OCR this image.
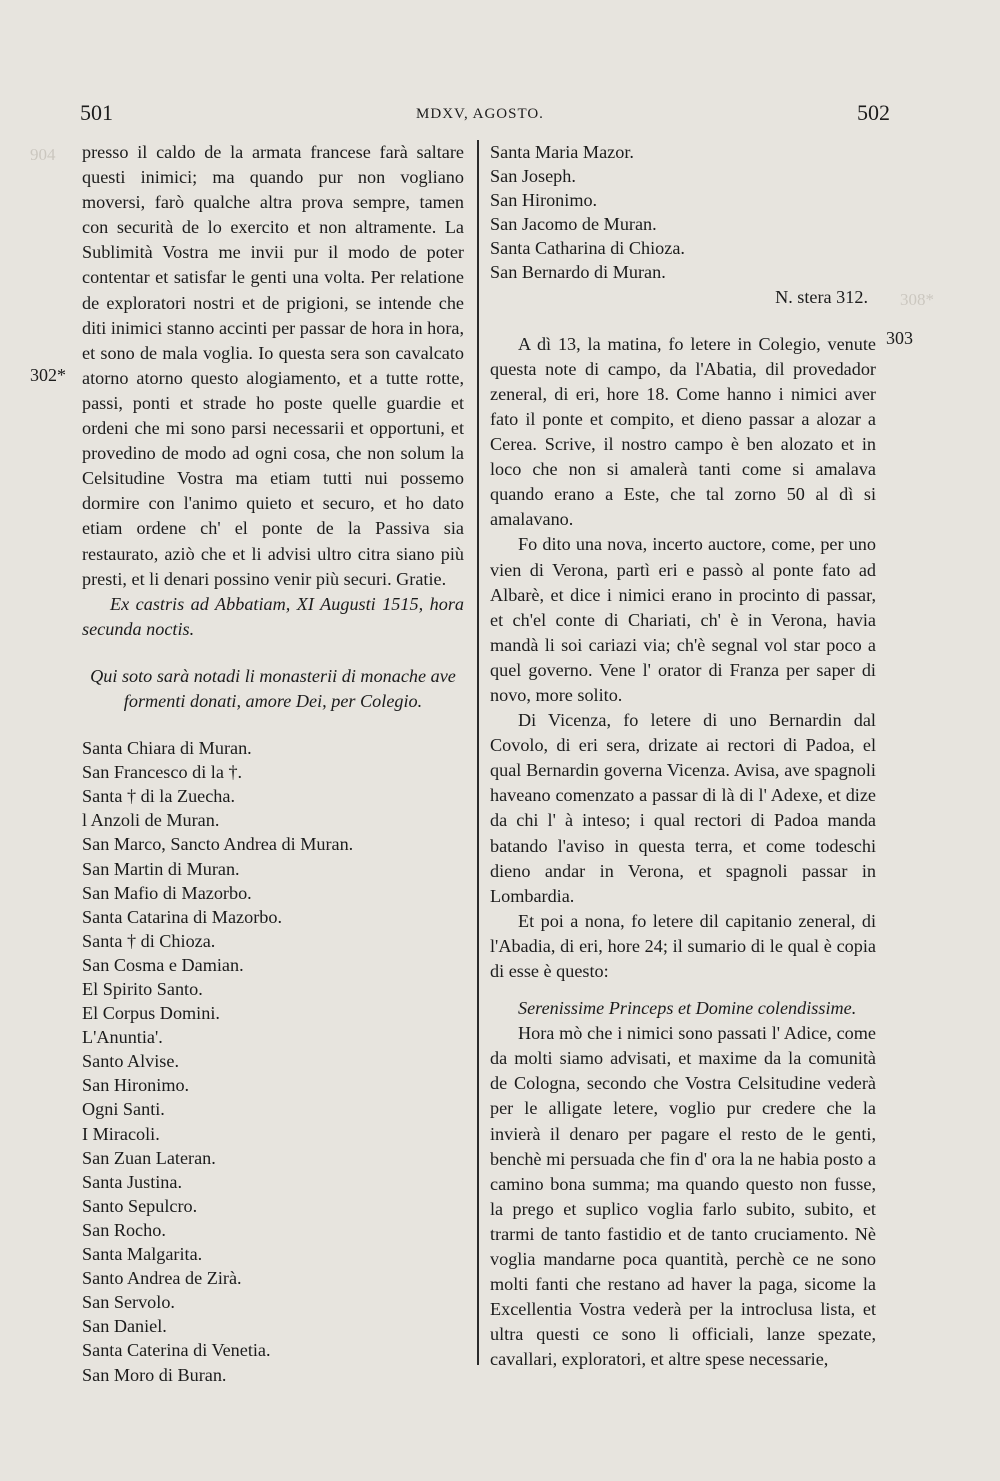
904
308*
501	MDXV, AGOSTO.	502
302*
303

presso il caldo de la armata francese farà saltare questi inimici; ma quando pur non vogliano moversi, farò qualche altra prova sempre, tamen con securità de lo exercito et non altramente. La Sublimità Vostra me invii pur il modo de poter contentar et satisfar le genti una volta. Per relatione de exploratori nostri et de prigioni, se intende che diti inimici stanno accinti per passar de hora in hora, et sono de mala voglia. Io questa sera son cavalcato atorno atorno questo alogiamento, et a tutte rotte, passi, ponti et strade ho poste quelle guardie et ordeni che mi sono parsi necessarii et opportuni, et provedino de modo ad ogni cosa, che non solum la Celsitudine Vostra ma etiam tutti nui possemo dormire con l'animo quieto et securo, et ho dato etiam ordene ch' el ponte de la Passiva sia restaurato, aziò che et li advisi ultro citra siano più presti, et li denari possino venir più securi. Gratie.

Ex castris ad Abbatiam, XI Augusti 1515, hora secunda noctis.

Qui soto sarà notadi li monasterii di monache ave formenti donati, amore Dei, per Colegio.

Santa Chiara di Muran.
San Francesco di la †.
Santa † di la Zuecha.
l Anzoli de Muran.
San Marco, Sancto Andrea di Muran.
San Martin di Muran.
San Mafio di Mazorbo.
Santa Catarina di Mazorbo.
Santa † di Chioza.
San Cosma e Damian.
El Spirito Santo.
El Corpus Domini.
L'Anuntia'.
Santo Alvise.
San Hironimo.
Ogni Santi.
I Miracoli.
San Zuan Lateran.
Santa Justina.
Santo Sepulcro.
San Rocho.
Santa Malgarita.
Santo Andrea de Zirà.
San Servolo.
San Daniel.
Santa Caterina di Venetia.
San Moro di Buran.
Santa Maria Mazor.
San Joseph.
San Hironimo.
San Jacomo de Muran.
Santa Catharina di Chioza.
San Bernardo di Muran.

N. stera 312.

A dì 13, la matina, fo letere in Colegio, venute questa note di campo, da l'Abatia, dil provedador zeneral, di eri, hore 18. Come hanno i nimici aver fato il ponte et compito, et dieno passar a alozar a Cerea. Scrive, il nostro campo è ben alozato et in loco che non si amalerà tanti come si amalava quando erano a Este, che tal zorno 50 al dì si amalavano.

Fo dito una nova, incerto auctore, come, per uno vien di Verona, partì eri e passò al ponte fato ad Albarè, et dice i nimici erano in procinto di passar, et ch'el conte di Chariati, ch' è in Verona, havia mandà li soi cariazi via; ch'è segnal vol star poco a quel governo. Vene l' orator di Franza per saper di novo, more solito.

Di Vicenza, fo letere di uno Bernardin dal Covolo, di eri sera, drizate ai rectori di Padoa, el qual Bernardin governa Vicenza. Avisa, ave spagnoli haveano comenzato a passar di là di l' Adexe, et dize da chi l' à inteso; i qual rectori di Padoa manda batando l'aviso in questa terra, et come todeschi dieno andar in Verona, et spagnoli passar in Lombardia.

Et poi a nona, fo letere dil capitanio zeneral, di l'Abadia, di eri, hore 24; il sumario di le qual è copia di esse è questo:

Serenissime Princeps et Domine colendissime.

Hora mò che i nimici sono passati l' Adice, come da molti siamo advisati, et maxime da la comunità de Cologna, secondo che Vostra Celsitudine vederà per le alligate letere, voglio pur credere che la invierà il denaro per pagare el resto de le genti, benchè mi persuada che fin d' ora la ne habia posto a camino bona summa; ma quando questo non fusse, la prego et suplico voglia farlo subito, subito, et trarmi de tanto fastidio et de tanto cruciamento. Nè voglia mandarne poca quantità, perchè ce ne sono molti fanti che restano ad haver la paga, sicome la Excellentia Vostra vederà per la introclusa lista, et ultra questi ce sono li officiali, lanze spezate, cavallari, exploratori, et altre spese necessarie,
